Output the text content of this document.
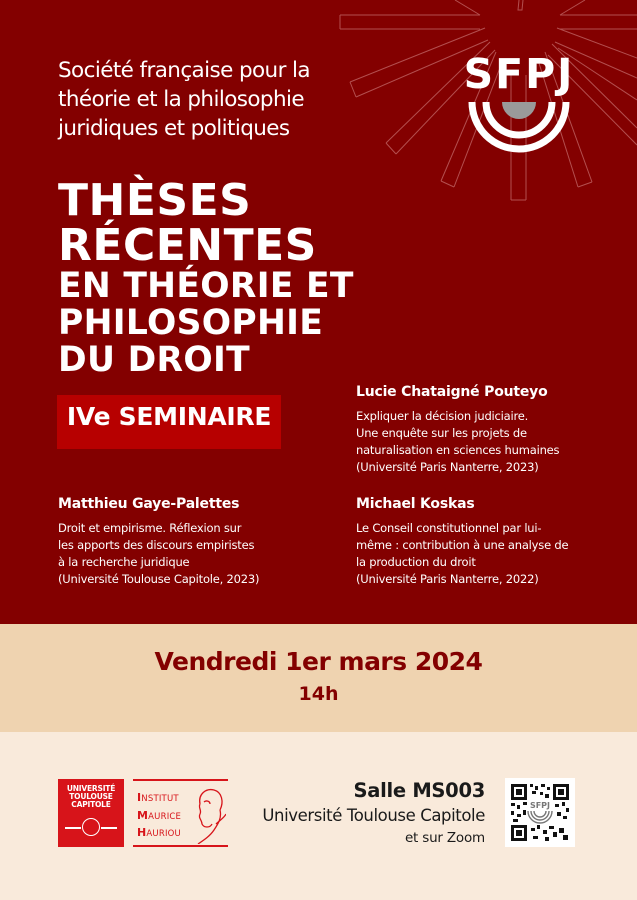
Société française pour la
théorie et la philosophie
juridiques et politiques
SFPJ
THÈSES
RÉCENTES
EN THÉORIE ET
PHILOSOPHIE
DU DROIT
IVe SEMINAIRE
Lucie Chataigné Pouteyo
Expliquer la décision judiciaire.
Une enquête sur les projets de
naturalisation en sciences humaines
(Université Paris Nanterre, 2023)
Matthieu Gaye-Palettes
Droit et empirisme. Réflexion sur
les apports des discours empiristes
à la recherche juridique
(Université Toulouse Capitole, 2023)
Michael Koskas
Le Conseil constitutionnel par lui-
même : contribution à une analyse de
la production du droit
(Université Paris Nanterre, 2022)
Vendredi 1er mars 2024
14h
UNIVERSITÉ
TOULOUSE
CAPITOLE
INSTITUT
MAURICE
HAURIOU
Salle MS003
Université Toulouse Capitole
et sur Zoom
SFPJ
